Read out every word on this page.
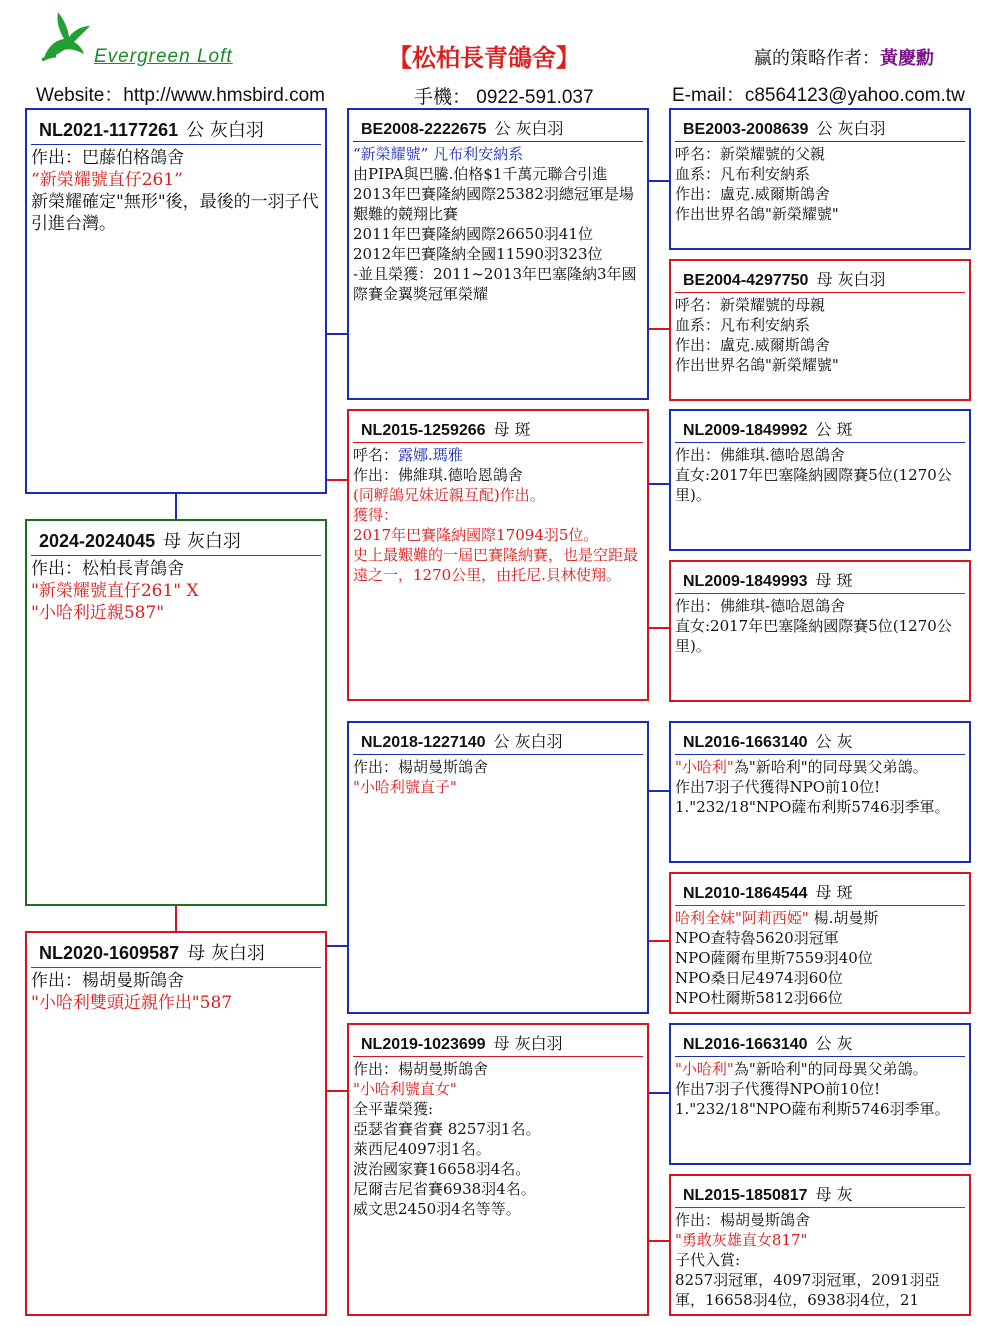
Evergreen Loft
Website：http://www.hmsbird.com
【松柏長青鴿舍】
手機： 0922-591.037
贏的策略作者：黃慶勳
E-mail：c8564123@yahoo.com.tw
NL2021-1177261 公 灰白羽
作出：巴藤伯格鴿舍
“新榮耀號直仔261”
新榮耀確定"無形"後，最後的一羽子代引進台灣。
2024-2024045 母 灰白羽
作出：松柏長青鴿舍
"新榮耀號直仔261" X
"小哈利近親587"
NL2020-1609587 母 灰白羽
作出：楊胡曼斯鴿舍
"小哈利雙頭近親作出"587
BE2008-2222675 公 灰白羽
“新榮耀號” 凡布利安納系
由PIPA與巴騰.伯格$1千萬元聯合引進
2013年巴賽隆納國際25382羽總冠軍是場艱難的競翔比賽
2011年巴賽隆納國際26650羽41位
2012年巴賽隆納全國11590羽323位
-並且榮獲：2011~2013年巴塞隆納3年國際賽金翼獎冠軍榮耀
NL2015-1259266 母 斑
呼名：露娜.瑪雅
作出：佛維琪.德哈恩鴿舍
(同孵鴿兄妹近親互配)作出。
獲得：
2017年巴賽隆納國際17094羽5位。
史上最艱難的一屆巴賽隆納賽，也是空距最遠之一，1270公里，由托尼.貝林使翔。
NL2018-1227140 公 灰白羽
作出：楊胡曼斯鴿舍
"小哈利號直子"
NL2019-1023699 母 灰白羽
作出：楊胡曼斯鴿舍
"小哈利號直女"
全平輩榮獲:
亞瑟省賽省賽 8257羽1名。
萊西尼4097羽1名。
波治國家賽16658羽4名。
尼爾吉尼省賽6938羽4名。
威文思2450羽4名等等。
BE2003-2008639 公 灰白羽
呼名：新榮耀號的父親
血系：凡布利安納系
作出：盧克.威爾斯鴿舍
作出世界名鴿"新榮耀號"
BE2004-4297750 母 灰白羽
呼名：新榮耀號的母親
血系：凡布利安納系
作出：盧克.威爾斯鴿舍
作出世界名鴿"新榮耀號"
NL2009-1849992 公 斑
作出：佛維琪.德哈恩鴿舍
直女:2017年巴塞隆納國際賽5位(1270公里)。
NL2009-1849993 母 斑
作出：佛維琪-德哈恩鴿舍
直女:2017年巴塞隆納國際賽5位(1270公里)。
NL2016-1663140 公 灰
"小哈利"為"新哈利"的同母異父弟鴿。
作出7羽子代獲得NPO前10位!
1."232/18"NPO薩布利斯5746羽季軍。
NL2010-1864544 母 斑
哈利全妹"阿莉西婭" 楊.胡曼斯
NPO查特魯5620羽冠軍
NPO薩爾布里斯7559羽40位
NPO桑日尼4974羽60位
NPO杜爾斯5812羽66位
NL2016-1663140 公 灰
"小哈利"為"新哈利"的同母異父弟鴿。
作出7羽子代獲得NPO前10位!
1."232/18"NPO薩布利斯5746羽季軍。
NL2015-1850817 母 灰
作出：楊胡曼斯鴿舍
"勇敢灰雄直女817"
子代入賞:
8257羽冠軍，4097羽冠軍，2091羽亞軍，16658羽4位，6938羽4位，21
